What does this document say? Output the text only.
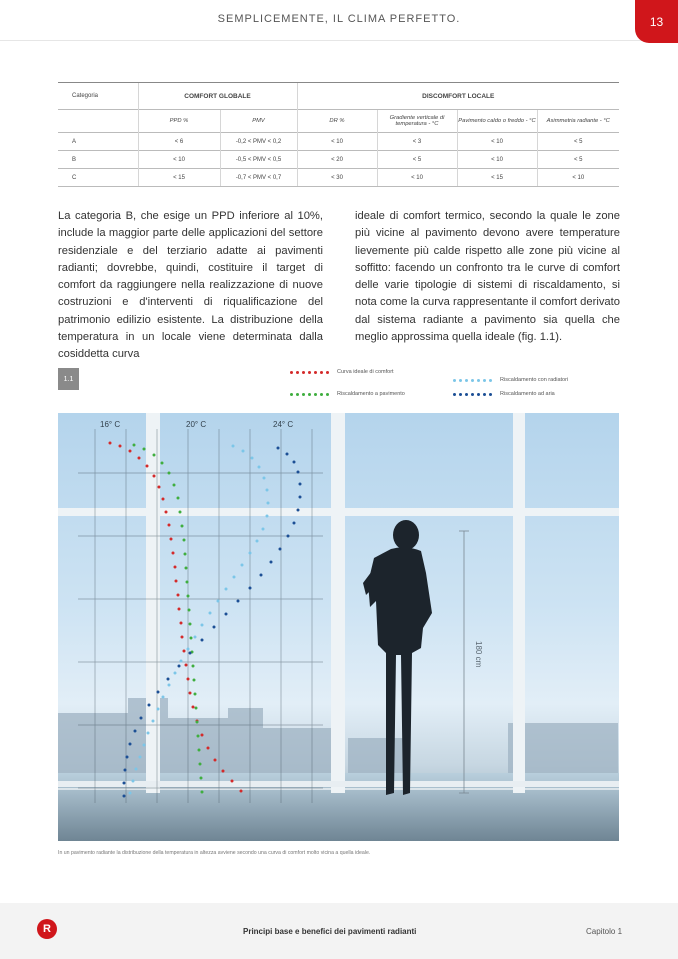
SEMPLICEMENTE, IL CLIMA PERFETTO.	13
Categoria	COMFORT GLOBALE		DISCOMFORT LOCALE			
	PPD %	PMV	DR %	Gradiente verticale di temperatura - °C	Pavimento caldo o freddo - °C	Asimmetria radiante - °C
A	< 6	-0,2 < PMV < 0,2	< 10	< 3	< 10	< 5
B	< 10	-0,5 < PMV < 0,5	< 20	< 5	< 10	< 5
C	< 15	-0,7 < PMV < 0,7	< 30	< 10	< 15	< 10

La categoria B, che esige un PPD inferiore al 10%, include la maggior parte delle applicazioni del settore residenziale e del terziario adatte ai pavimenti radianti; dovrebbe, quindi, costituire il target di comfort da raggiungere nella realizzazione di nuove costruzioni e d'interventi di riqualificazione del patrimonio edilizio esistente. La distribuzione della temperatura in un locale viene determinata dalla cosiddetta curva

ideale di comfort termico, secondo la quale le zone più vicine al pavimento devono avere temperature lievemente più calde rispetto alle zone più vicine al soffitto: facendo un confronto tra le curve di comfort delle varie tipologie di sistemi di riscaldamento, si nota come la curva rappresentante il comfort derivato dal sistema radiante a pavimento sia quella che meglio approssima quella ideale (fig. 1.1).

1.1
Curva ideale di comfort
Riscaldamento a pavimento
Riscaldamento con radiatori
Riscaldamento ad aria
16° C	20° C	24° C
180 cm
In un pavimento radiante la distribuzione della temperatura in altezza avviene secondo una curva di comfort molto vicina a quella ideale.
R	Principi base e benefici dei pavimenti radianti	Capitolo 1
